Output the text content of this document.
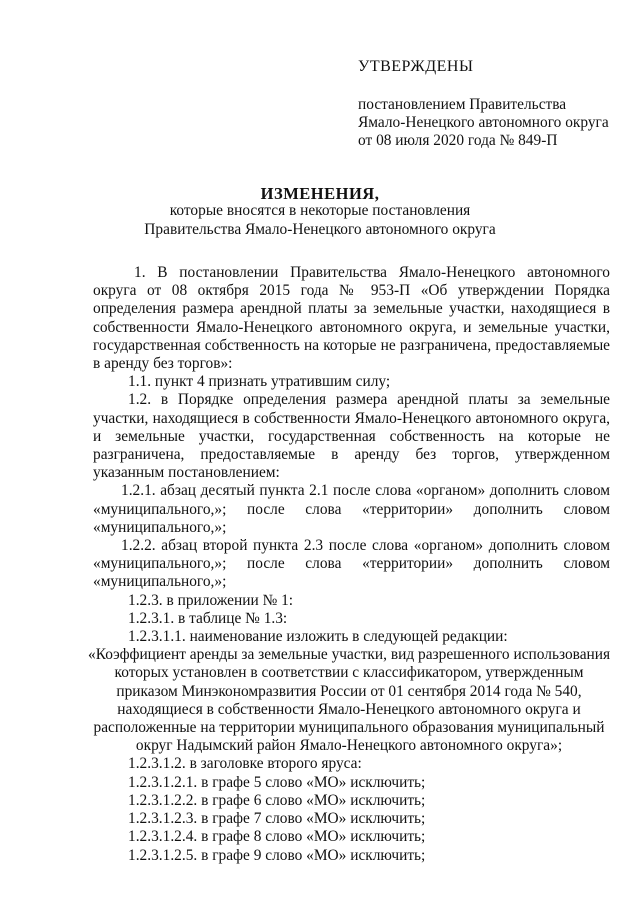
УТВЕРЖДЕНЫ
постановлением Правительства
Ямало-Ненецкого автономного округа
от 08 июля 2020 года № 849-П
ИЗМЕНЕНИЯ,
которые вносятся в некоторые постановления
Правительства Ямало-Ненецкого автономного округа
1. В постановлении Правительства Ямало-Ненецкого автономного округа от 08 октября 2015 года № 953-П «Об утверждении Порядка определения размера арендной платы за земельные участки, находящиеся в собственности Ямало-Ненецкого автономного округа, и земельные участки, государственная собственность на которые не разграничена, предоставляемые в аренду без торгов»:
1.1. пункт 4 признать утратившим силу;
1.2. в Порядке определения размера арендной платы за земельные участки, находящиеся в собственности Ямало-Ненецкого автономного округа, и земельные участки, государственная собственность на которые не разграничена, предоставляемые в аренду без торгов, утвержденном указанным постановлением:
1.2.1. абзац десятый пункта 2.1 после слова «органом» дополнить словом «муниципального,»; после слова «территории» дополнить словом «муниципального,»;
1.2.2. абзац второй пункта 2.3 после слова «органом» дополнить словом «муниципального,»; после слова «территории» дополнить словом «муниципального,»;
1.2.3. в приложении № 1:
1.2.3.1. в таблице № 1.3:
1.2.3.1.1. наименование изложить в следующей редакции:
«Коэффициент аренды за земельные участки, вид разрешенного использования
которых установлен в соответствии с классификатором, утвержденным
приказом Минэкономразвития России от 01 сентября 2014 года № 540,
находящиеся в собственности Ямало-Ненецкого автономного округа и
расположенные на территории муниципального образования муниципальный
округ Надымский район Ямало-Ненецкого автономного округа»;
1.2.3.1.2. в заголовке второго яруса:
1.2.3.1.2.1. в графе 5 слово «МО» исключить;
1.2.3.1.2.2. в графе 6 слово «МО» исключить;
1.2.3.1.2.3. в графе 7 слово «МО» исключить;
1.2.3.1.2.4. в графе 8 слово «МО» исключить;
1.2.3.1.2.5. в графе 9 слово «МО» исключить;
